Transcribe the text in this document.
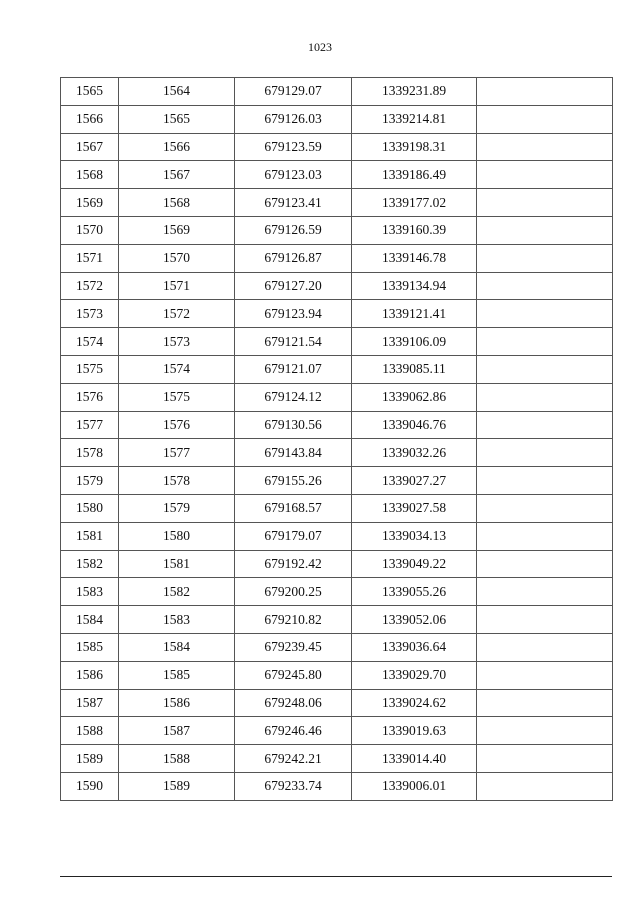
1023
1565	1564	679129.07	1339231.89	
1566	1565	679126.03	1339214.81	
1567	1566	679123.59	1339198.31	
1568	1567	679123.03	1339186.49	
1569	1568	679123.41	1339177.02	
1570	1569	679126.59	1339160.39	
1571	1570	679126.87	1339146.78	
1572	1571	679127.20	1339134.94	
1573	1572	679123.94	1339121.41	
1574	1573	679121.54	1339106.09	
1575	1574	679121.07	1339085.11	
1576	1575	679124.12	1339062.86	
1577	1576	679130.56	1339046.76	
1578	1577	679143.84	1339032.26	
1579	1578	679155.26	1339027.27	
1580	1579	679168.57	1339027.58	
1581	1580	679179.07	1339034.13	
1582	1581	679192.42	1339049.22	
1583	1582	679200.25	1339055.26	
1584	1583	679210.82	1339052.06	
1585	1584	679239.45	1339036.64	
1586	1585	679245.80	1339029.70	
1587	1586	679248.06	1339024.62	
1588	1587	679246.46	1339019.63	
1589	1588	679242.21	1339014.40	
1590	1589	679233.74	1339006.01	
